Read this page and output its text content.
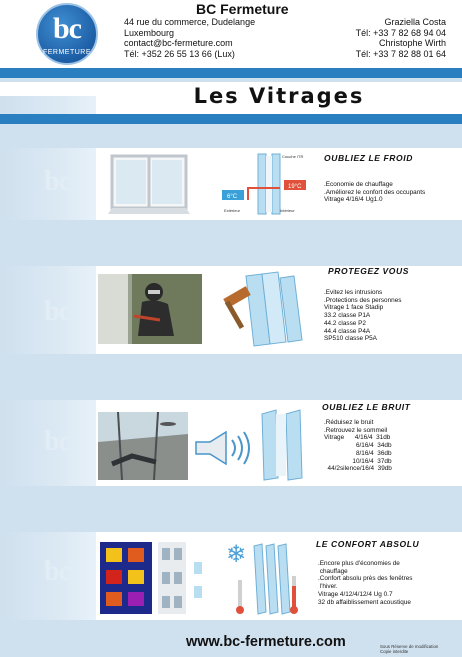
bc
FERMETURE
BC Fermeture
44 rue du commerce, Dudelange
Luxembourg
contact@bc-fermeture.com
Tél: +352 26 55 13 66 (Lux)
Graziella Costa
Tél: +33 7 82 68 94 04
Christophe Wirth
Tél: +33 7 82 88 01 64
Les Vitrages
bc
bc
bc
bc
6°C
19°C
Couche ITR
Extérieur	Intérieur
OUBLIEZ LE FROID
.Economie de chauffage
.Améliorez le confort des occupants
Vitrage 4/16/4 Ug1.0
PROTEGEZ VOUS
.Evitez les intrusions
.Protections des personnes
Vitrage 1 face Stadip
33.2 classe P1A
44.2 classe P2
44.4 classe P4A
SP510 classe P5A
OUBLIEZ LE BRUIT
.Réduisez le bruit
.Retrouvez le sommeil
Vitrage      4/16/4  31db
6/16/4  34db
8/16/4  36db
10/16/4  37db
44/2silence/16/4  39db
❄	LE CONFORT ABSOLU
.Encore plus d'économies de
chauffage
.Confort absolu près des fenêtres
l'hiver.
Vitrage 4/12/4/12/4 Ug 0.7
32 db affaiblissement acoustique
www.bc-fermeture.com	Sous Réserve de modification
Copie interdite
